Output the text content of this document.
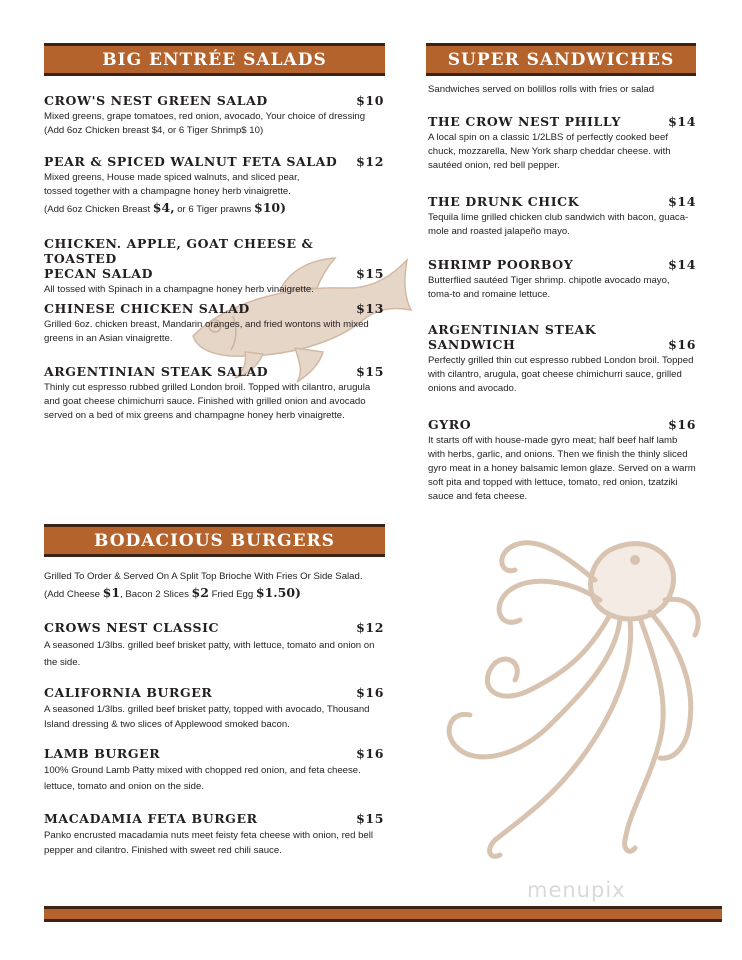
BIG ENTRÉE SALADS
CROW'S NEST GREEN SALAD	$10
Mixed greens, grape tomatoes, red onion, avocado, Your choice of dressing
(Add 6oz Chicken breast $4, or 6 Tiger Shrimp$ 10)
PEAR & SPICED WALNUT FETA SALAD $12
Mixed greens, House made spiced walnuts, and sliced pear,
tossed together with a champagne honey herb vinaigrette.
(Add 6oz Chicken Breast $4, or 6 Tiger prawns $10)
CHICKEN. APPLE, GOAT CHEESE & TOASTED
PECAN SALAD	$15
All tossed with Spinach in a champagne honey herb vinaigrette.
CHINESE CHICKEN SALAD	$13
Grilled 6oz. chicken breast, Mandarin oranges, and fried wontons with mixed greens in an Asian vinaigrette.
ARGENTINIAN STEAK SALAD	$15
Thinly cut espresso rubbed grilled London broil. Topped with cilantro, arugula and goat cheese chimichurri sauce. Finished with grilled onion and avocado served on a bed of mix greens and champagne honey herb vinaigrette.
SUPER SANDWICHES
Sandwiches served on bolillos rolls with fries or salad
THE CROW NEST PHILLY	$14
A local spin on a classic 1/2LBS of perfectly cooked beef chuck, mozzarella, New York sharp cheddar cheese. with sautéed onion, red bell pepper.
THE DRUNK CHICK	$14
Tequila lime grilled chicken club sandwich with bacon, guaca-mole and roasted jalapeño mayo.
SHRIMP POORBOY	$14
Butterflied sautéed Tiger shrimp. chipotle avocado mayo, toma-to and romaine lettuce.
ARGENTINIAN STEAK
SANDWICH	$16
Perfectly grilled thin cut espresso rubbed London broil. Topped with cilantro, arugula, goat cheese chimichurri sauce, grilled onions and avocado.
GYRO	$16
It starts off with house-made gyro meat; half beef half lamb with herbs, garlic, and onions. Then we finish the thinly sliced gyro meat in a honey balsamic lemon glaze. Served on a warm soft pita and topped with lettuce, tomato, red onion, tzatziki sauce and feta cheese.
BODACIOUS BURGERS
Grilled To Order & Served On A Split Top Brioche With Fries Or Side Salad.
(Add Cheese $1, Bacon 2 Slices $2 Fried Egg $1.50)
CROWS NEST CLASSIC	$12
A seasoned 1/3lbs. grilled beef brisket patty, with lettuce, tomato and onion on the side.
CALIFORNIA BURGER	$16
A seasoned 1/3lbs. grilled beef brisket patty, topped with avocado, Thousand Island dressing & two slices of Applewood smoked bacon.
LAMB BURGER	$16
100% Ground Lamb Patty mixed with chopped red onion, and feta cheese. lettuce, tomato and onion on the side.
MACADAMIA FETA BURGER	$15
Panko encrusted macadamia nuts meet feisty feta cheese with onion, red bell pepper and cilantro. Finished with sweet red chili sauce.
menupix
